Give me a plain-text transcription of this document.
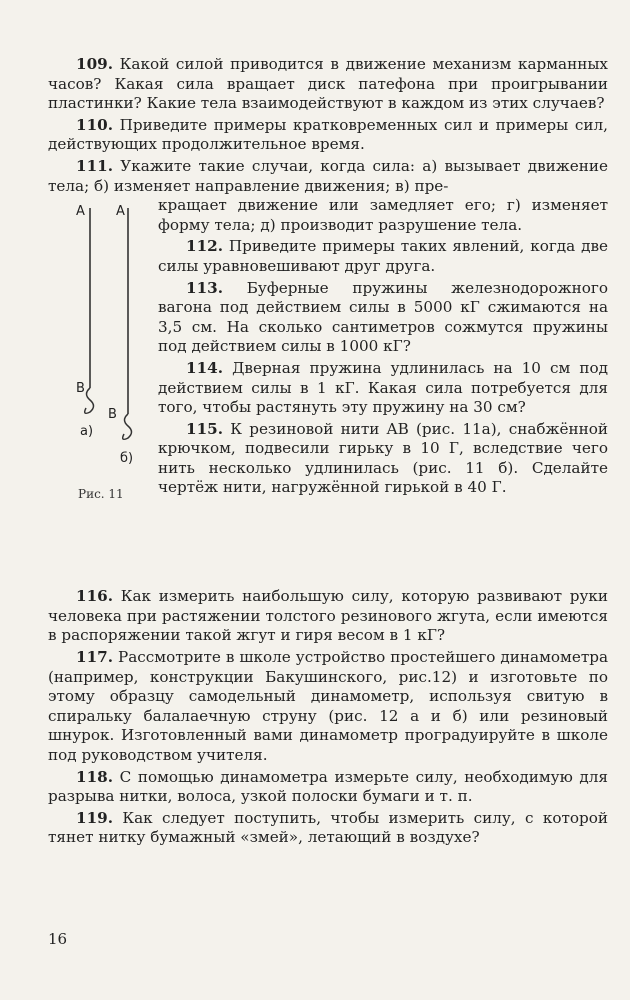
109. Какой силой приводится в движение механизм карманных часов? Какая сила вращает диск патефона при проигрывании пластинки? Какие тела взаимодействуют в каждом из этих случаев?

110. Приведите примеры кратковременных сил и примеры сил, действующих продолжительное время.

111. Укажите такие случаи, когда сила: а) вызывает движение тела; б) изменяет направление движения; в) пре-

A
B
а)
A
B
б)
Рис. 11

кращает движение или замедляет его; г) изменяет форму тела; д) производит разрушение тела.

112. Приведите примеры таких явлений, когда две силы уравновешивают друг друга.

113. Буферные пружины железнодорожного вагона под действием силы в 5000 кГ сжимаются на 3,5 см. На сколько сантиметров сожмутся пружины под действием силы в 1000 кГ?

114. Дверная пружина удлинилась на 10 см под действием силы в 1 кГ. Какая сила потребуется для того, чтобы растянуть эту пружину на 30 см?

115. К резиновой нити AB (рис. 11а), снабжённой крючком, подвесили гирьку в 10 Г, вследствие чего нить несколько удлинилась (рис. 11 б). Сделайте чертёж нити, нагружённой гирькой в 40 Г.

116. Как измерить наибольшую силу, которую развивают руки человека при растяжении толстого резинового жгута, если имеются в распоряжении такой жгут и гиря весом в 1 кГ?

117. Рассмотрите в школе устройство простейшего динамометра (например, конструкции Бакушинского, рис.12) и изготовьте по этому образцу самодельный динамометр, используя свитую в спиральку балалаечную струну (рис. 12 а и б) или резиновый шнурок. Изготовленный вами динамометр проградуируйте в школе под руководством учителя.

118. С помощью динамометра измерьте силу, необходимую для разрыва нитки, волоса, узкой полоски бумаги и т. п.

119. Как следует поступить, чтобы измерить силу, с которой тянет нитку бумажный «змей», летающий в воздухе?

16
